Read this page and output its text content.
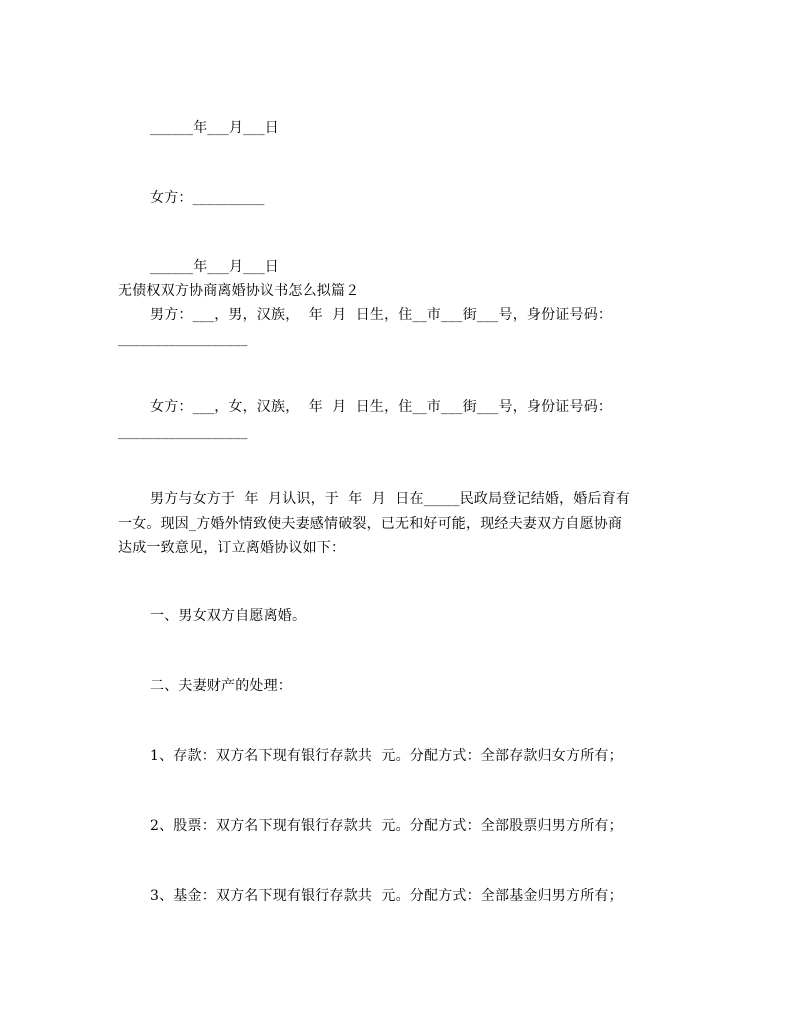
______年___月___日
女方：__________
______年___月___日
无债权双方协商离婚协议书怎么拟篇２
男方：___，男，汉族，  年  月  日生，住__市___街___号，身份证号码：
__________________
女方：___，女，汉族，  年  月  日生，住__市___街___号，身份证号码：
__________________
男方与女方于  年  月认识，于  年  月  日在_____民政局登记结婚，婚后育有
一女。现因_方婚外情致使夫妻感情破裂，已无和好可能，现经夫妻双方自愿协商
达成一致意见，订立离婚协议如下：
一、男女双方自愿离婚。
二、夫妻财产的处理：
1、存款：双方名下现有银行存款共  元。分配方式：全部存款归女方所有；
2、股票：双方名下现有银行存款共  元。分配方式：全部股票归男方所有；
3、基金：双方名下现有银行存款共  元。分配方式：全部基金归男方所有；
